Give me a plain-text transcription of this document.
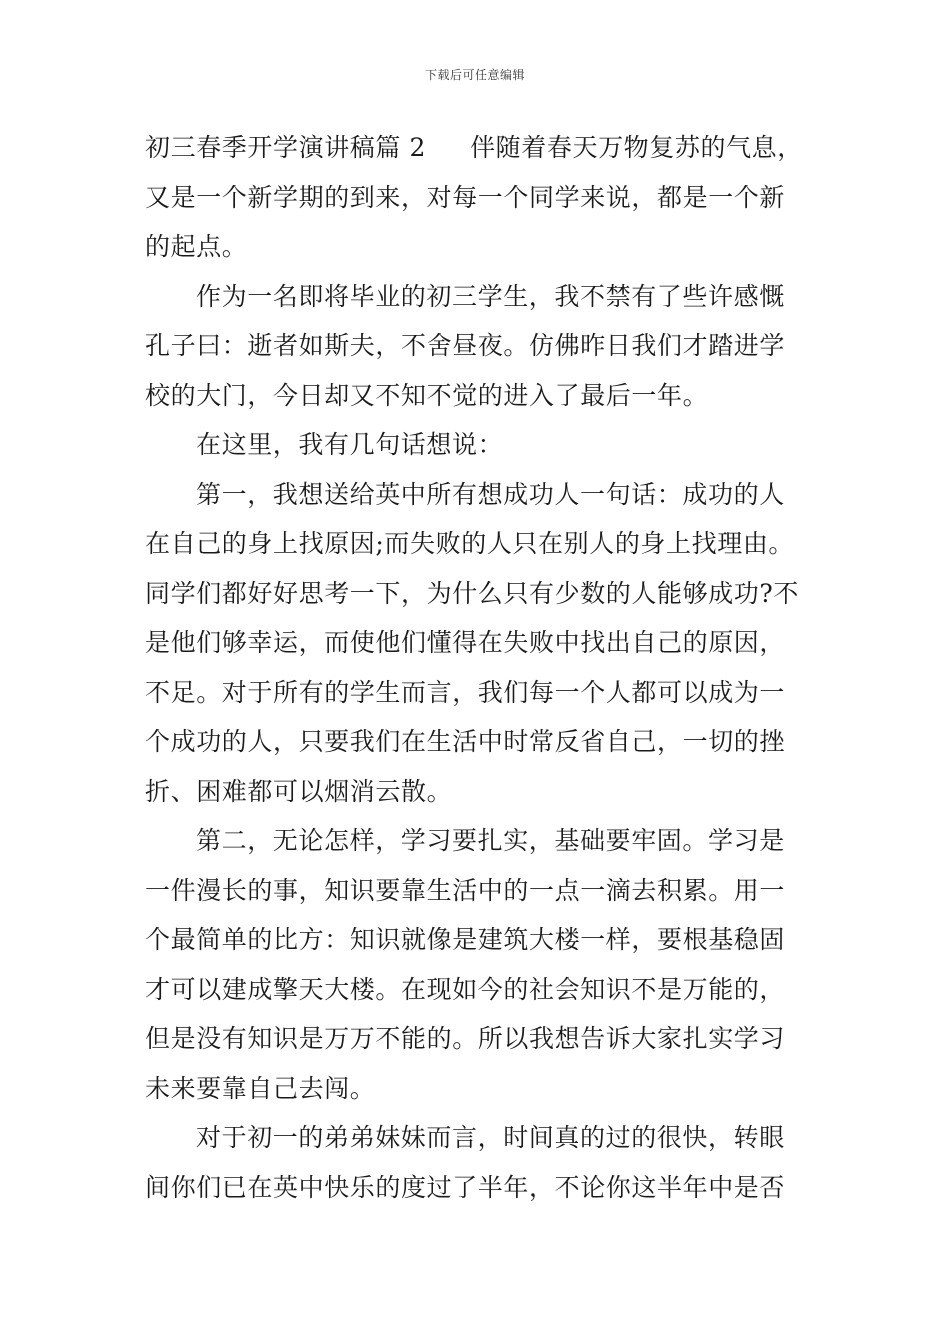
下载后可任意编辑
初三春季开学演讲稿篇 2 伴随着春天万物复苏的气息，
又是一个新学期的到来，对每一个同学来说，都是一个新
的起点。
作为一名即将毕业的初三学生，我不禁有了些许感慨
孔子曰：逝者如斯夫，不舍昼夜。仿佛昨日我们才踏进学
校的大门，今日却又不知不觉的进入了最后一年。
在这里，我有几句话想说：
第一，我想送给英中所有想成功人一句话：成功的人
在自己的身上找原因;而失败的人只在别人的身上找理由。
同学们都好好思考一下，为什么只有少数的人能够成功?不
是他们够幸运，而使他们懂得在失败中找出自己的原因，
不足。对于所有的学生而言，我们每一个人都可以成为一
个成功的人，只要我们在生活中时常反省自己，一切的挫
折、困难都可以烟消云散。
第二，无论怎样，学习要扎实，基础要牢固。学习是
一件漫长的事，知识要靠生活中的一点一滴去积累。用一
个最简单的比方：知识就像是建筑大楼一样，要根基稳固
才可以建成擎天大楼。在现如今的社会知识不是万能的，
但是没有知识是万万不能的。所以我想告诉大家扎实学习
未来要靠自己去闯。
对于初一的弟弟妹妹而言，时间真的过的很快，转眼
间你们已在英中快乐的度过了半年，不论你这半年中是否
